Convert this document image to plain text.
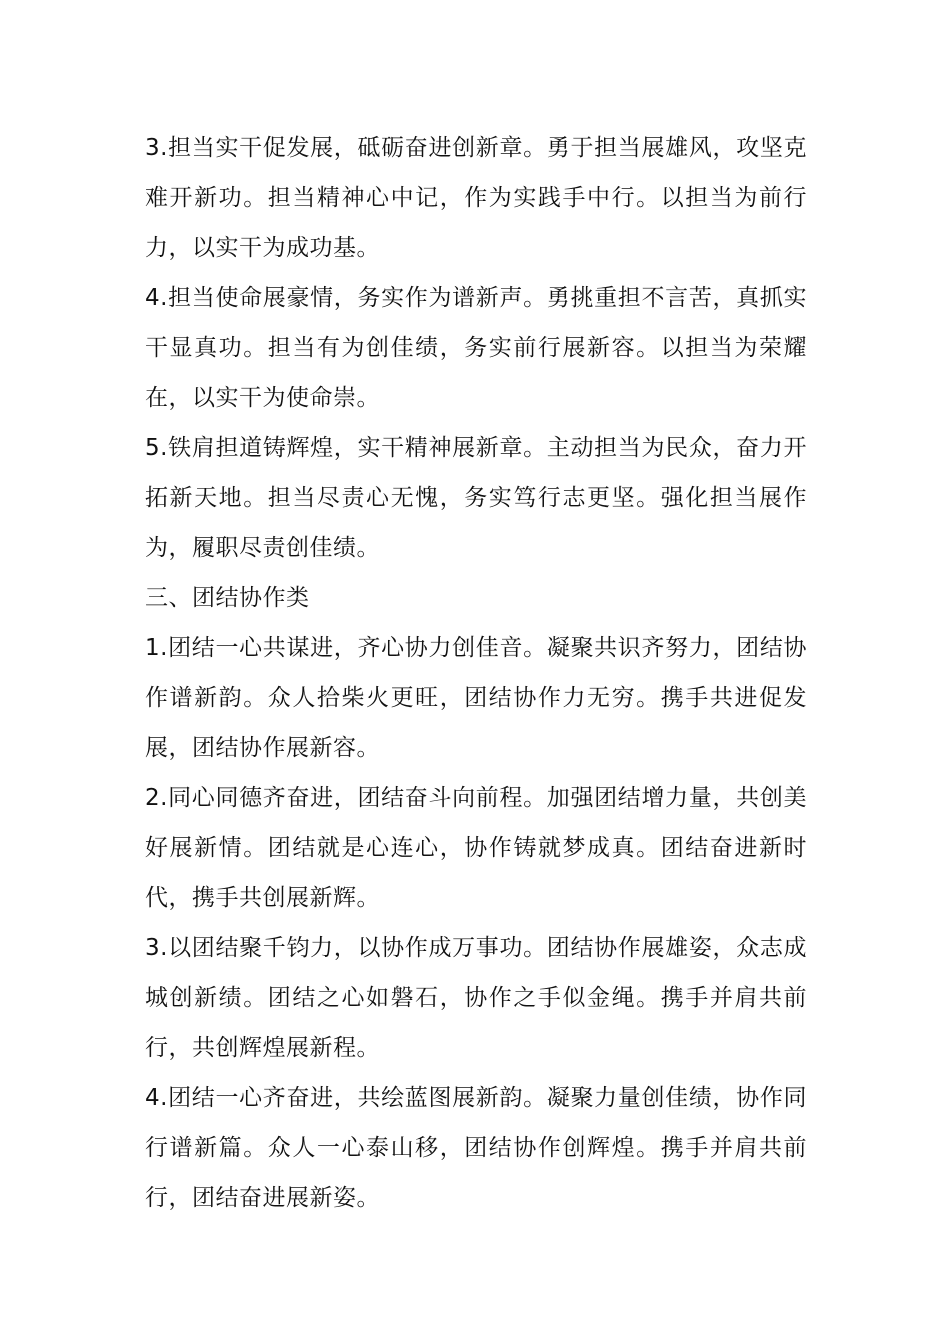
3.担当实干促发展，砥砺奋进创新章。勇于担当展雄风，攻坚克难开新功。担当精神心中记，作为实践手中行。以担当为前行力，以实干为成功基。

4.担当使命展豪情，务实作为谱新声。勇挑重担不言苦，真抓实干显真功。担当有为创佳绩，务实前行展新容。以担当为荣耀在，以实干为使命崇。

5.铁肩担道铸辉煌，实干精神展新章。主动担当为民众，奋力开拓新天地。担当尽责心无愧，务实笃行志更坚。强化担当展作为，履职尽责创佳绩。

三、团结协作类

1.团结一心共谋进，齐心协力创佳音。凝聚共识齐努力，团结协作谱新韵。众人拾柴火更旺，团结协作力无穷。携手共进促发展，团结协作展新容。

2.同心同德齐奋进，团结奋斗向前程。加强团结增力量，共创美好展新情。团结就是心连心，协作铸就梦成真。团结奋进新时代，携手共创展新辉。

3.以团结聚千钧力，以协作成万事功。团结协作展雄姿，众志成城创新绩。团结之心如磐石，协作之手似金绳。携手并肩共前行，共创辉煌展新程。

4.团结一心齐奋进，共绘蓝图展新韵。凝聚力量创佳绩，协作同行谱新篇。众人一心泰山移，团结协作创辉煌。携手并肩共前行，团结奋进展新姿。
